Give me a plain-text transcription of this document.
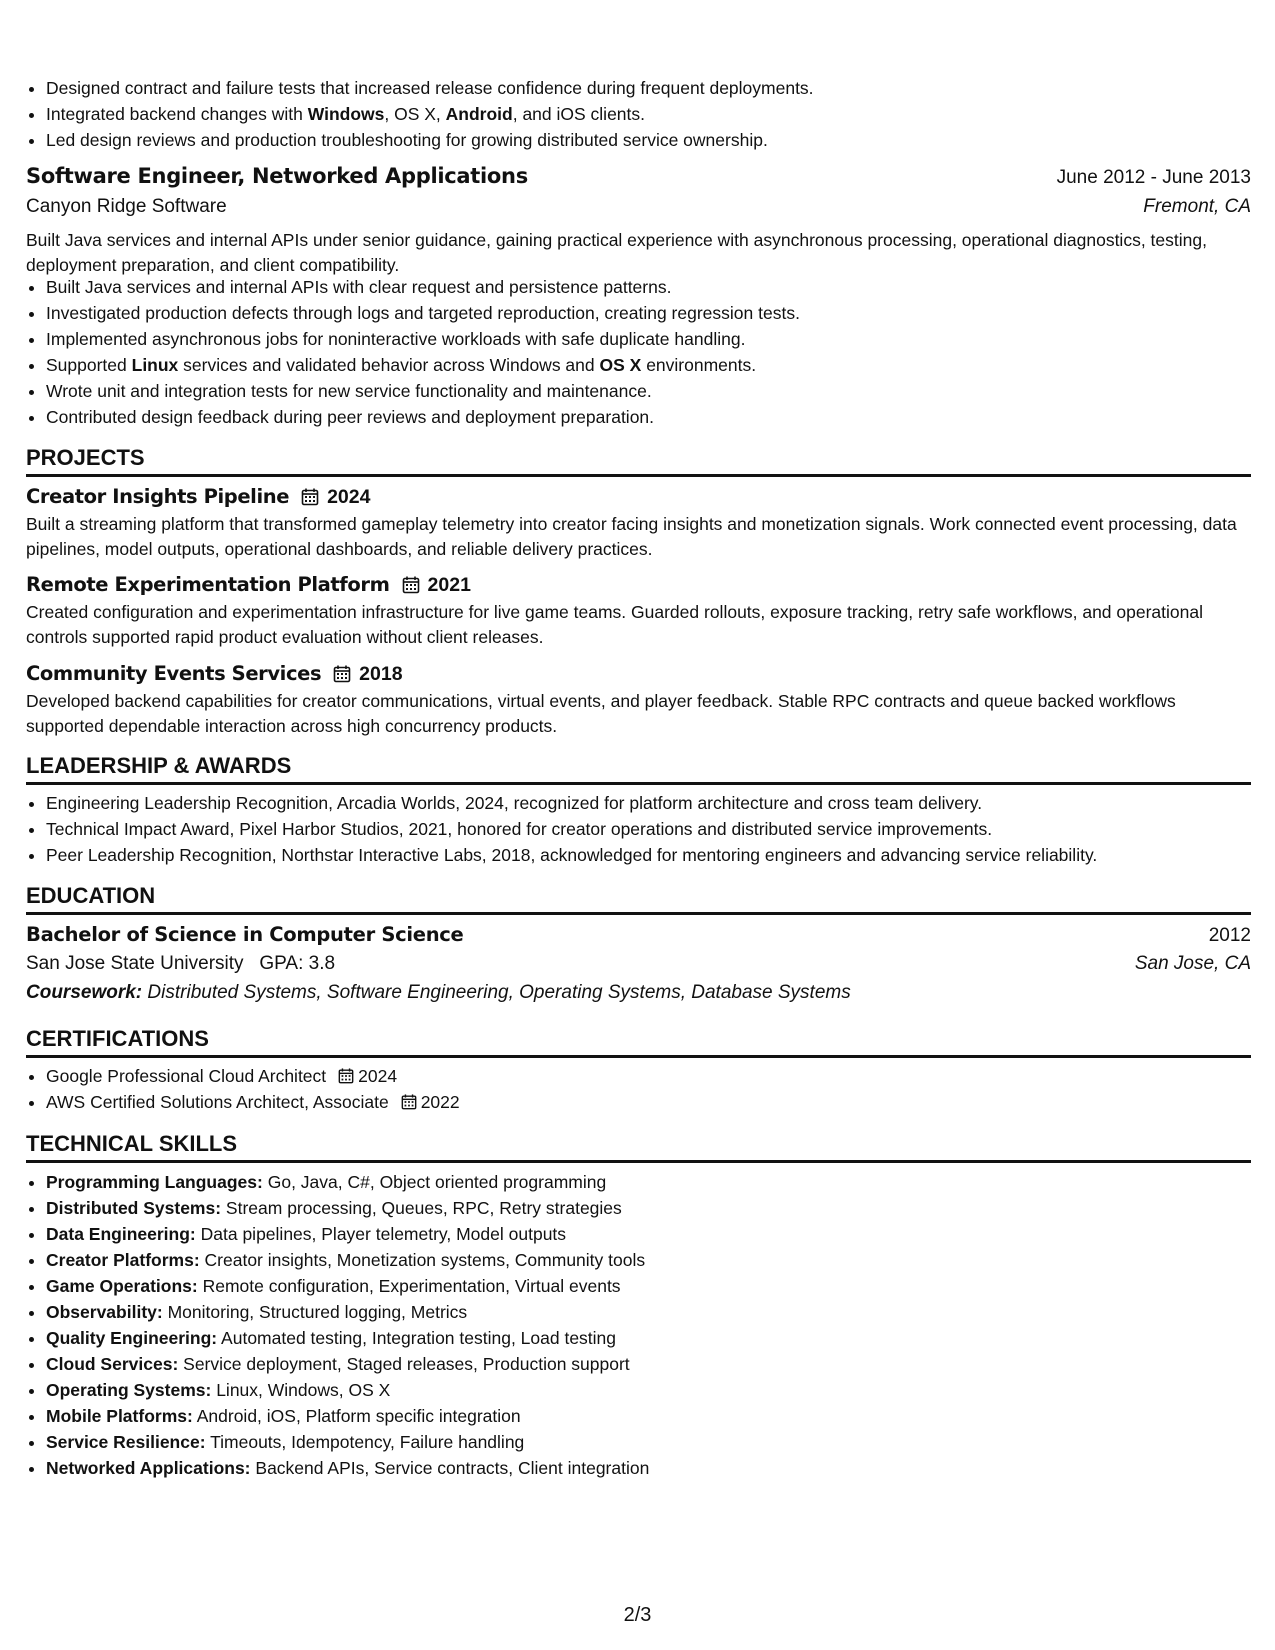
• Designed contract and failure tests that increased release confidence during frequent deployments.
• Integrated backend changes with Windows, OS X, Android, and iOS clients.
• Led design reviews and production troubleshooting for growing distributed service ownership.
Software Engineer, Networked Applications	June 2012 - June 2013
Canyon Ridge Software	Fremont, CA
Built Java services and internal APIs under senior guidance, gaining practical experience with asynchronous processing, operational diagnostics, testing, deployment preparation, and client compatibility.
• Built Java services and internal APIs with clear request and persistence patterns.
• Investigated production defects through logs and targeted reproduction, creating regression tests.
• Implemented asynchronous jobs for noninteractive workloads with safe duplicate handling.
• Supported Linux services and validated behavior across Windows and OS X environments.
• Wrote unit and integration tests for new service functionality and maintenance.
• Contributed design feedback during peer reviews and deployment preparation.
PROJECTS
Creator Insights Pipeline 2024
Built a streaming platform that transformed gameplay telemetry into creator facing insights and monetization signals. Work connected event processing, data pipelines, model outputs, operational dashboards, and reliable delivery practices.
Remote Experimentation Platform 2021
Created configuration and experimentation infrastructure for live game teams. Guarded rollouts, exposure tracking, retry safe workflows, and operational controls supported rapid product evaluation without client releases.
Community Events Services 2018
Developed backend capabilities for creator communications, virtual events, and player feedback. Stable RPC contracts and queue backed workflows supported dependable interaction across high concurrency products.
LEADERSHIP & AWARDS
• Engineering Leadership Recognition, Arcadia Worlds, 2024, recognized for platform architecture and cross team delivery.
• Technical Impact Award, Pixel Harbor Studios, 2021, honored for creator operations and distributed service improvements.
• Peer Leadership Recognition, Northstar Interactive Labs, 2018, acknowledged for mentoring engineers and advancing service reliability.
EDUCATION
Bachelor of Science in Computer Science	2012
San Jose State University GPA: 3.8	San Jose, CA
Coursework: Distributed Systems, Software Engineering, Operating Systems, Database Systems
CERTIFICATIONS
• Google Professional Cloud Architect 2024
• AWS Certified Solutions Architect, Associate 2022
TECHNICAL SKILLS
• Programming Languages: Go, Java, C#, Object oriented programming
• Distributed Systems: Stream processing, Queues, RPC, Retry strategies
• Data Engineering: Data pipelines, Player telemetry, Model outputs
• Creator Platforms: Creator insights, Monetization systems, Community tools
• Game Operations: Remote configuration, Experimentation, Virtual events
• Observability: Monitoring, Structured logging, Metrics
• Quality Engineering: Automated testing, Integration testing, Load testing
• Cloud Services: Service deployment, Staged releases, Production support
• Operating Systems: Linux, Windows, OS X
• Mobile Platforms: Android, iOS, Platform specific integration
• Service Resilience: Timeouts, Idempotency, Failure handling
• Networked Applications: Backend APIs, Service contracts, Client integration
2/3
